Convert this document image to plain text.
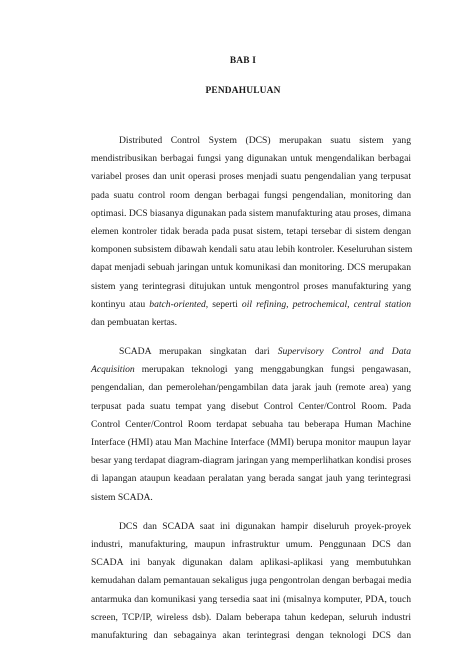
BAB I
PENDAHULUAN

Distributed Control System (DCS) merupakan suatu sistem yang
mendistribusikan berbagai fungsi yang digunakan untuk mengendalikan berbagai
variabel proses dan unit operasi proses menjadi suatu pengendalian yang terpusat
pada suatu control room dengan berbagai fungsi pengendalian, monitoring dan
optimasi. DCS biasanya digunakan pada sistem manufakturing atau proses, dimana
elemen kontroler tidak berada pada pusat sistem, tetapi tersebar di sistem dengan
komponen subsistem dibawah kendali satu atau lebih kontroler. Keseluruhan sistem
dapat menjadi sebuah jaringan untuk komunikasi dan monitoring. DCS merupakan
sistem yang terintegrasi ditujukan untuk mengontrol proses manufakturing yang
kontinyu atau batch-oriented, seperti oil refining, petrochemical, central station
dan pembuatan kertas.

SCADA merupakan singkatan dari Supervisory Control and Data
Acquisition merupakan teknologi yang menggabungkan fungsi pengawasan,
pengendalian, dan pemerolehan/pengambilan data jarak jauh (remote area) yang
terpusat pada suatu tempat yang disebut Control Center/Control Room. Pada
Control Center/Control Room terdapat sebuaha tau beberapa Human Machine
Interface (HMI) atau Man Machine Interface (MMI) berupa monitor maupun layar
besar yang terdapat diagram-diagram jaringan yang memperlihatkan kondisi proses
di lapangan ataupun keadaan peralatan yang berada sangat jauh yang terintegrasi
sistem SCADA.

DCS dan SCADA saat ini digunakan hampir diseluruh proyek-proyek
industri, manufakturing, maupun infrastruktur umum. Penggunaan DCS dan
SCADA ini banyak digunakan dalam aplikasi-aplikasi yang membutuhkan
kemudahan dalam pemantauan sekaligus juga pengontrolan dengan berbagai media
antarmuka dan komunikasi yang tersedia saat ini (misalnya komputer, PDA, touch
screen, TCP/IP, wireless dsb). Dalam beberapa tahun kedepan, seluruh industri
manufakturing dan sebagainya akan terintegrasi dengan teknologi DCS dan
